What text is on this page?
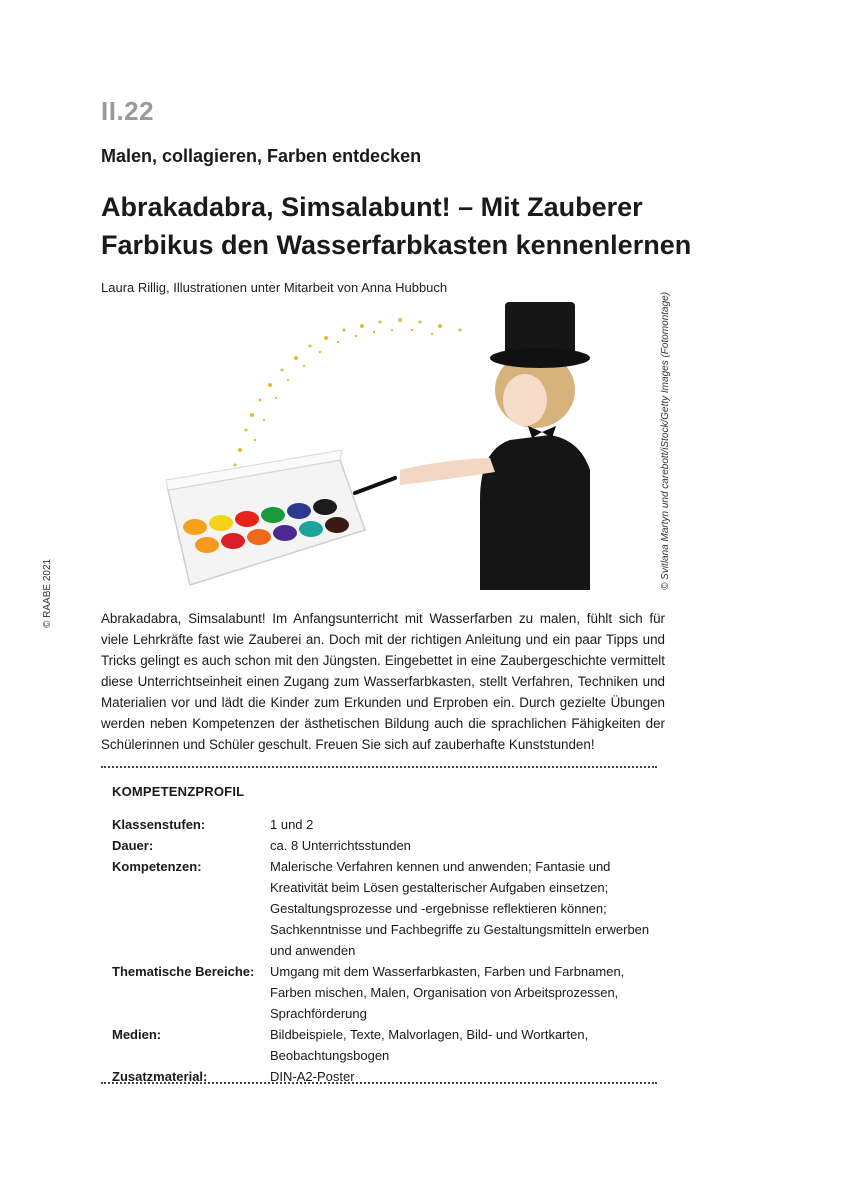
II.22
Malen, collagieren, Farben entdecken
Abrakadabra, Simsalabunt! – Mit Zauberer Farbikus den Wasserfarbkasten kennenlernen
Laura Rillig, Illustrationen unter Mitarbeit von Anna Hubbuch
© RAABE 2021
© Svitlana Martyn und carebott/iStock/Getty Images (Fotomontage)

Abrakadabra, Simsalabunt! Im Anfangsunterricht mit Wasserfarben zu malen, fühlt sich für viele Lehrkräfte fast wie Zauberei an. Doch mit der richtigen Anleitung und ein paar Tipps und Tricks gelingt es auch schon mit den Jüngsten. Eingebettet in eine Zaubergeschichte vermittelt diese Unterrichtseinheit einen Zugang zum Wasserfarbkasten, stellt Verfahren, Techniken und Materialien vor und lädt die Kinder zum Erkunden und Erproben ein. Durch gezielte Übungen werden neben Kompetenzen der ästhetischen Bildung auch die sprachlichen Fähigkeiten der Schülerinnen und Schüler geschult. Freuen Sie sich auf zauberhafte Kunststunden!

KOMPETENZPROFIL
Klassenstufen:	1 und 2
Dauer:	ca. 8 Unterrichtsstunden
Kompetenzen:	Malerische Verfahren kennen und anwenden; Fantasie und Kreativität beim Lösen gestalterischer Aufgaben einsetzen; Gestaltungsprozesse und -ergebnisse reflektieren können; Sachkenntnisse und Fachbegriffe zu Gestaltungsmitteln erwerben und anwenden
Thematische Bereiche:	Umgang mit dem Wasserfarbkasten, Farben und Farbnamen, Farben mischen, Malen, Organisation von Arbeitsprozessen, Sprachförderung
Medien:	Bildbeispiele, Texte, Malvorlagen, Bild- und Wortkarten, Beobachtungsbogen
Zusatzmaterial:	DIN-A2-Poster
